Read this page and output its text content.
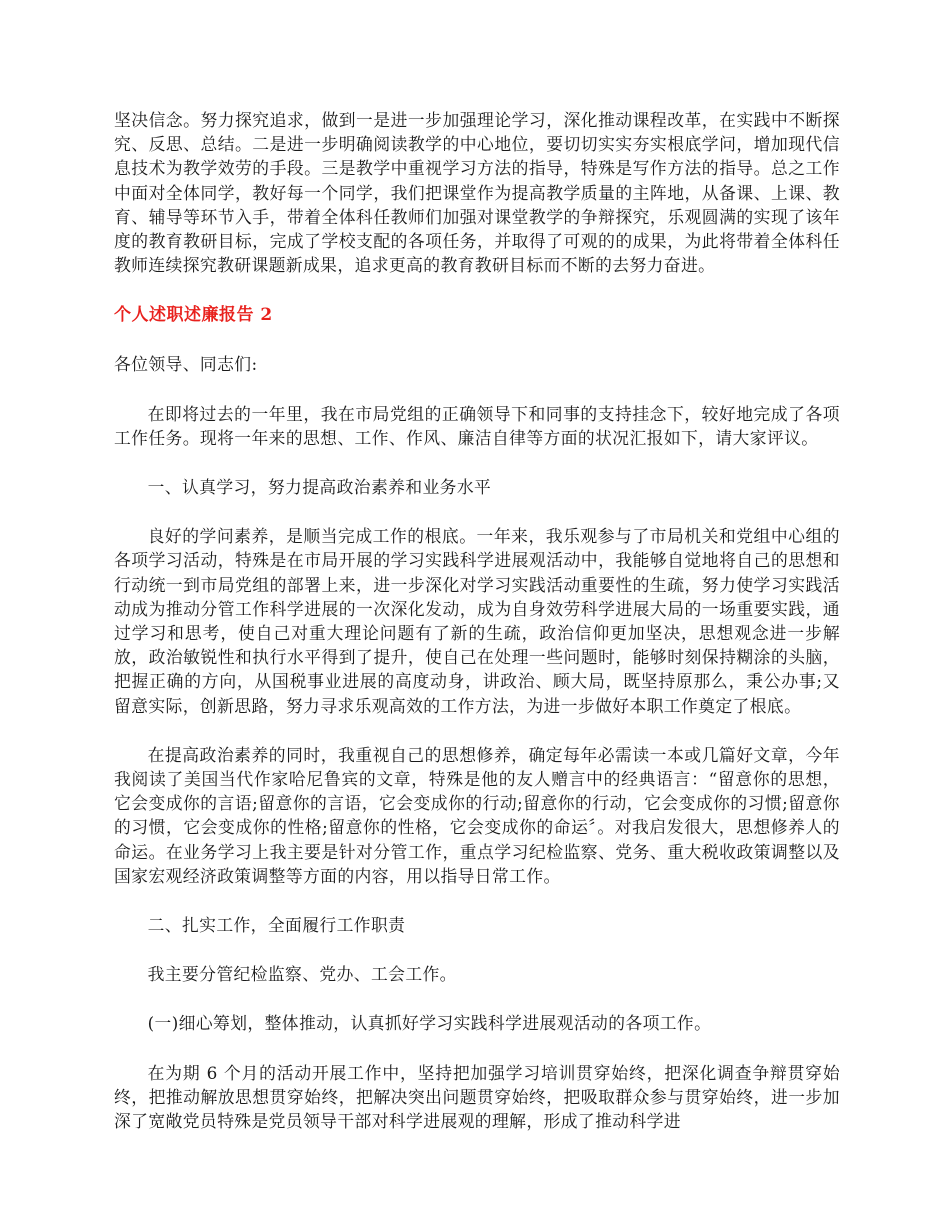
坚决信念。努力探究追求，做到一是进一步加强理论学习，深化推动课程改革，在实践中不断探究、反思、总结。二是进一步明确阅读教学的中心地位，要切切实实夯实根底学问，增加现代信息技术为教学效劳的手段。三是教学中重视学习方法的指导，特殊是写作方法的指导。总之工作中面对全体同学，教好每一个同学，我们把课堂作为提高教学质量的主阵地，从备课、上课、教育、辅导等环节入手，带着全体科任教师们加强对课堂教学的争辩探究，乐观圆满的实现了该年度的教育教研目标，完成了学校支配的各项任务，并取得了可观的的成果，为此将带着全体科任教师连续探究教研课题新成果，追求更高的教育教研目标而不断的去努力奋进。

个人述职述廉报告 2

各位领导、同志们:

在即将过去的一年里，我在市局党组的正确领导下和同事的支持挂念下，较好地完成了各项工作任务。现将一年来的思想、工作、作风、廉洁自律等方面的状况汇报如下，请大家评议。

一、认真学习，努力提高政治素养和业务水平

良好的学问素养，是顺当完成工作的根底。一年来，我乐观参与了市局机关和党组中心组的各项学习活动，特殊是在市局开展的学习实践科学进展观活动中，我能够自觉地将自己的思想和行动统一到市局党组的部署上来，进一步深化对学习实践活动重要性的生疏，努力使学习实践活动成为推动分管工作科学进展的一次深化发动，成为自身效劳科学进展大局的一场重要实践，通过学习和思考，使自己对重大理论问题有了新的生疏，政治信仰更加坚决，思想观念进一步解放，政治敏锐性和执行水平得到了提升，使自己在处理一些问题时，能够时刻保持糊涂的头脑，把握正确的方向，从国税事业进展的高度动身，讲政治、顾大局，既坚持原那么，秉公办事;又留意实际，创新思路，努力寻求乐观高效的工作方法，为进一步做好本职工作奠定了根底。

在提高政治素养的同时，我重视自己的思想修养，确定每年必需读一本或几篇好文章，今年我阅读了美国当代作家哈尼鲁宾的文章，特殊是他的友人赠言中的经典语言：“留意你的思想，它会变成你的言语;留意你的言语，它会变成你的行动;留意你的行动，它会变成你的习惯;留意你的习惯，它会变成你的性格;留意你的性格，它会变成你的命运〞。对我启发很大，思想修养人的命运。在业务学习上我主要是针对分管工作，重点学习纪检监察、党务、重大税收政策调整以及国家宏观经济政策调整等方面的内容，用以指导日常工作。

二、扎实工作，全面履行工作职责

我主要分管纪检监察、党办、工会工作。

(一)细心筹划，整体推动，认真抓好学习实践科学进展观活动的各项工作。

在为期 6 个月的活动开展工作中，坚持把加强学习培训贯穿始终，把深化调查争辩贯穿始终，把推动解放思想贯穿始终，把解决突出问题贯穿始终，把吸取群众参与贯穿始终，进一步加深了宽敞党员特殊是党员领导干部对科学进展观的理解，形成了推动科学进
